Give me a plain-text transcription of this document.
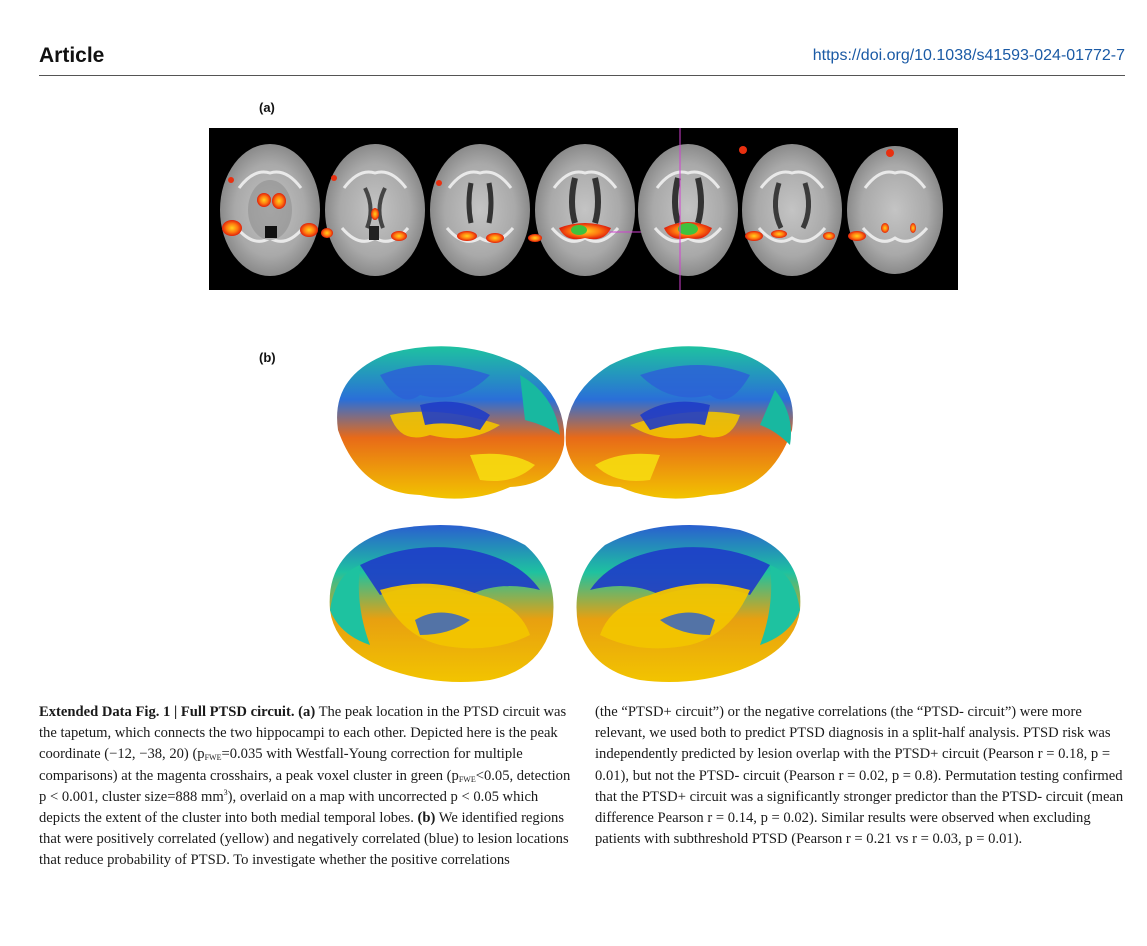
Article	https://doi.org/10.1038/s41593-024-01772-7
(a)
(b)

Extended Data Fig. 1 | Full PTSD circuit. (a) The peak location in the PTSD circuit was the tapetum, which connects the two hippocampi to each other. Depicted here is the peak coordinate (−12, −38, 20) ($p_{FWE}=0.035$ with Westfall-Young correction for multiple comparisons) at the magenta crosshairs, a peak voxel cluster in green ($p_{FWE}<0.05$, detection p < 0.001, cluster size=888 $mm^3$), overlaid on a map with uncorrected p < 0.05 which depicts the extent of the cluster into both medial temporal lobes. (b) We identified regions that were positively correlated (yellow) and negatively correlated (blue) to lesion locations that reduce probability of PTSD. To investigate whether the positive correlations

(the “PTSD+ circuit”) or the negative correlations (the “PTSD- circuit”) were more relevant, we used both to predict PTSD diagnosis in a split-half analysis. PTSD risk was independently predicted by lesion overlap with the PTSD+ circuit (Pearson r = 0.18, p = 0.01), but not the PTSD- circuit (Pearson r = 0.02, p = 0.8). Permutation testing confirmed that the PTSD+ circuit was a significantly stronger predictor than the PTSD- circuit (mean difference Pearson r = 0.14, p = 0.02). Similar results were observed when excluding patients with subthreshold PTSD (Pearson r = 0.21 vs r = 0.03, p = 0.01).
